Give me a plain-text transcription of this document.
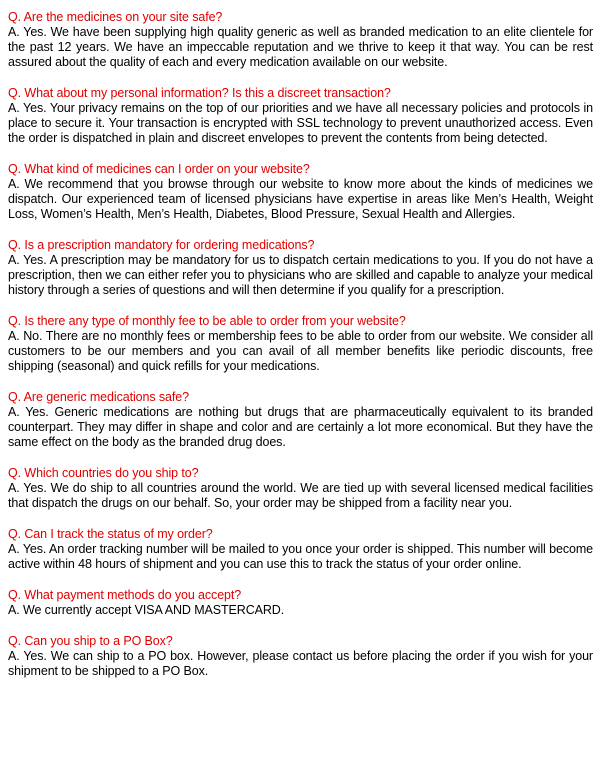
Q. Are the medicines on your site safe?

A. Yes. We have been supplying high quality generic as well as branded medication to an elite clientele for the past 12 years. We have an impeccable reputation and we thrive to keep it that way. You can be rest assured about the quality of each and every medication available on our website.

Q. What about my personal information? Is this a discreet transaction?

A. Yes. Your privacy remains on the top of our priorities and we have all necessary policies and protocols in place to secure it. Your transaction is encrypted with SSL technology to prevent unauthorized access. Even the order is dispatched in plain and discreet envelopes to prevent the contents from being detected.

Q. What kind of medicines can I order on your website?

A. We recommend that you browse through our website to know more about the kinds of medicines we dispatch. Our experienced team of licensed physicians have expertise in areas like Men’s Health, Weight Loss, Women’s Health, Men’s Health, Diabetes, Blood Pressure, Sexual Health and Allergies.

Q. Is a prescription mandatory for ordering medications?

A. Yes. A prescription may be mandatory for us to dispatch certain medications to you. If you do not have a prescription, then we can either refer you to physicians who are skilled and capable to analyze your medical history through a series of questions and will then determine if you qualify for a prescription.

Q. Is there any type of monthly fee to be able to order from your website?

A. No. There are no monthly fees or membership fees to be able to order from our website. We consider all customers to be our members and you can avail of all member benefits like periodic discounts, free shipping (seasonal) and quick refills for your medications.

Q. Are generic medications safe?

A. Yes. Generic medications are nothing but drugs that are pharmaceutically equivalent to its branded counterpart. They may differ in shape and color and are certainly a lot more economical. But they have the same effect on the body as the branded drug does.

Q. Which countries do you ship to?

A. Yes. We do ship to all countries around the world. We are tied up with several licensed medical facilities that dispatch the drugs on our behalf. So, your order may be shipped from a facility near you.

Q. Can I track the status of my order?

A. Yes. An order tracking number will be mailed to you once your order is shipped. This number will become active within 48 hours of shipment and you can use this to track the status of your order online.

Q. What payment methods do you accept?

A. We currently accept VISA AND MASTERCARD.

Q. Can you ship to a PO Box?

A. Yes. We can ship to a PO box. However, please contact us before placing the order if you wish for your shipment to be shipped to a PO Box.
